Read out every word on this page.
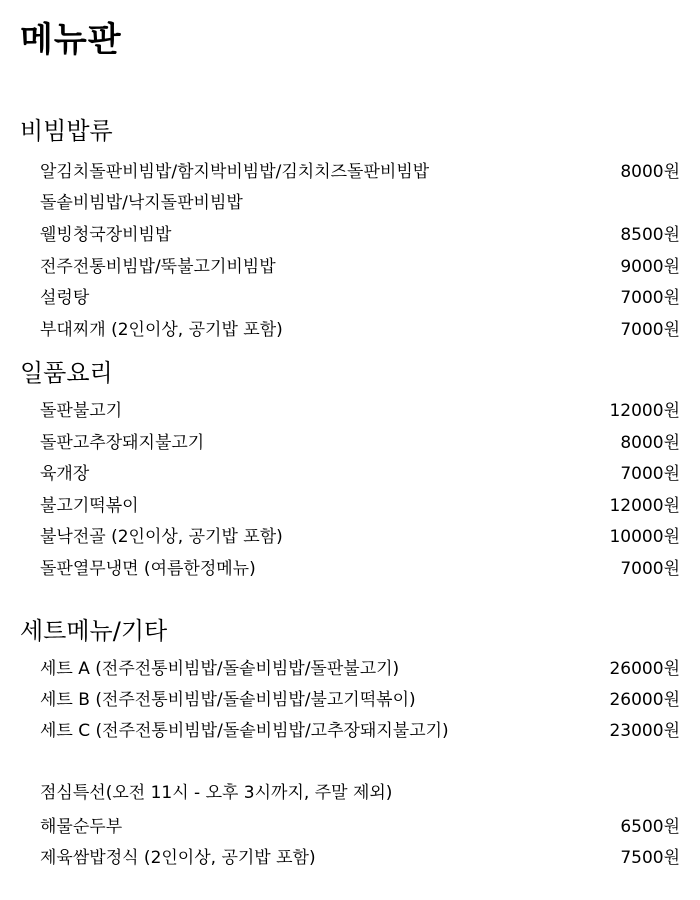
메뉴판
비빔밥류
알김치돌판비빔밥/함지박비빔밥/김치치즈돌판비빔밥	8000원
돌솥비빔밥/낙지돌판비빔밥
웰빙청국장비빔밥	8500원
전주전통비빔밥/뚝불고기비빔밥	9000원
설렁탕	7000원
부대찌개 (2인이상, 공기밥 포함)	7000원
일품요리
돌판불고기	12000원
돌판고추장돼지불고기	8000원
육개장	7000원
불고기떡볶이	12000원
불낙전골 (2인이상, 공기밥 포함)	10000원
돌판열무냉면 (여름한정메뉴)	7000원
세트메뉴/기타
세트 A (전주전통비빔밥/돌솥비빔밥/돌판불고기)	26000원
세트 B (전주전통비빔밥/돌솥비빔밥/불고기떡볶이)	26000원
세트 C (전주전통비빔밥/돌솥비빔밥/고추장돼지불고기)	23000원
점심특선(오전 11시 - 오후 3시까지, 주말 제외)
해물순두부	6500원
제육쌈밥정식 (2인이상, 공기밥 포함)	7500원
